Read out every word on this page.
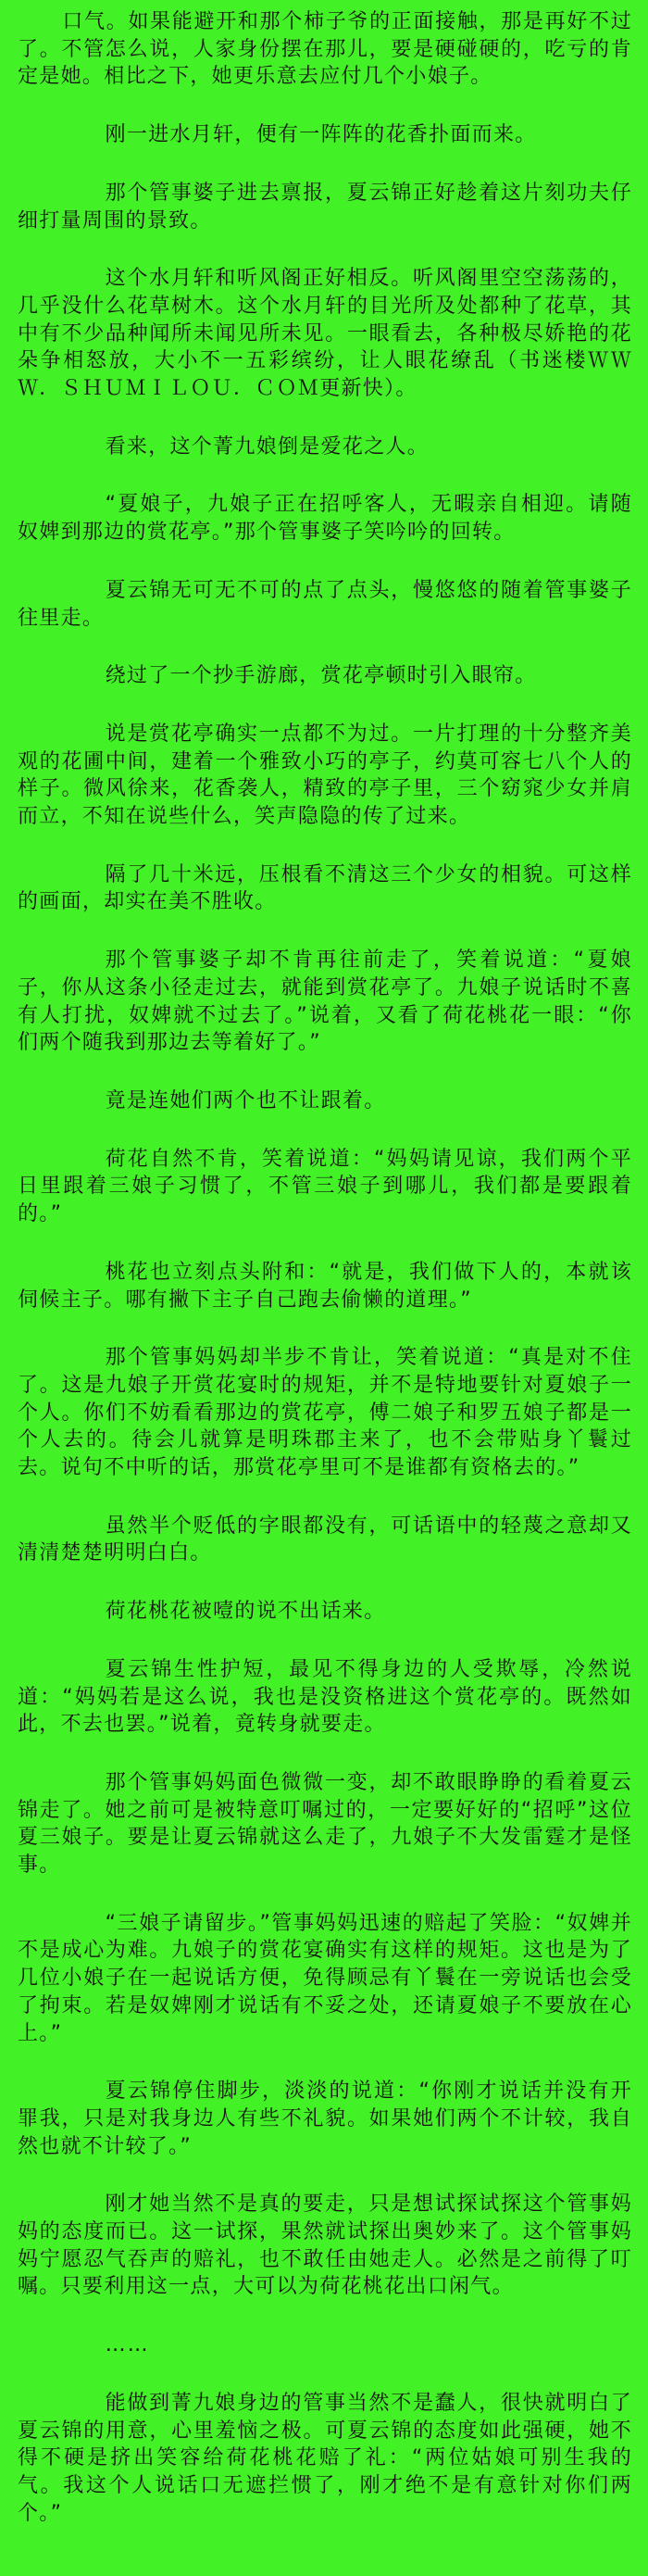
口气。如果能避开和那个柿子爷的正面接触，那是再好不过了。不管怎么说，人家身份摆在那儿，要是硬碰硬的，吃亏的肯定是她。相比之下，她更乐意去应付几个小娘子。

刚一进水月轩，便有一阵阵的花香扑面而来。

那个管事婆子进去禀报，夏云锦正好趁着这片刻功夫仔细打量周围的景致。

这个水月轩和听风阁正好相反。听风阁里空空荡荡的，几乎没什么花草树木。这个水月轩的目光所及处都种了花草，其中有不少品种闻所未闻见所未见。一眼看去，各种极尽娇艳的花朵争相怒放，大小不一五彩缤纷，让人眼花缭乱（书迷楼ＷＷＷ．ＳＨＵＭＩＬＯＵ．ＣＯＭ更新快）。

看来，这个菁九娘倒是爱花之人。

“夏娘子，九娘子正在招呼客人，无暇亲自相迎。请随奴婢到那边的赏花亭。”那个管事婆子笑吟吟的回转。

夏云锦无可无不可的点了点头，慢悠悠的随着管事婆子往里走。

绕过了一个抄手游廊，赏花亭顿时引入眼帘。

说是赏花亭确实一点都不为过。一片打理的十分整齐美观的花圃中间，建着一个雅致小巧的亭子，约莫可容七八个人的样子。微风徐来，花香袭人，精致的亭子里，三个窈窕少女并肩而立，不知在说些什么，笑声隐隐的传了过来。

隔了几十米远，压根看不清这三个少女的相貌。可这样的画面，却实在美不胜收。

那个管事婆子却不肯再往前走了，笑着说道：“夏娘子，你从这条小径走过去，就能到赏花亭了。九娘子说话时不喜有人打扰，奴婢就不过去了。”说着，又看了荷花桃花一眼：“你们两个随我到那边去等着好了。”

竟是连她们两个也不让跟着。

荷花自然不肯，笑着说道：“妈妈请见谅，我们两个平日里跟着三娘子习惯了，不管三娘子到哪儿，我们都是要跟着的。”

桃花也立刻点头附和：“就是，我们做下人的，本就该伺候主子。哪有撇下主子自己跑去偷懒的道理。”

那个管事妈妈却半步不肯让，笑着说道：“真是对不住了。这是九娘子开赏花宴时的规矩，并不是特地要针对夏娘子一个人。你们不妨看看那边的赏花亭，傅二娘子和罗五娘子都是一个人去的。待会儿就算是明珠郡主来了，也不会带贴身丫鬟过去。说句不中听的话，那赏花亭里可不是谁都有资格去的。”

虽然半个贬低的字眼都没有，可话语中的轻蔑之意却又清清楚楚明明白白。

荷花桃花被噎的说不出话来。

夏云锦生性护短，最见不得身边的人受欺辱，冷然说道：“妈妈若是这么说，我也是没资格进这个赏花亭的。既然如此，不去也罢。”说着，竟转身就要走。

那个管事妈妈面色微微一变，却不敢眼睁睁的看着夏云锦走了。她之前可是被特意叮嘱过的，一定要好好的“招呼”这位夏三娘子。要是让夏云锦就这么走了，九娘子不大发雷霆才是怪事。

“三娘子请留步。”管事妈妈迅速的赔起了笑脸：“奴婢并不是成心为难。九娘子的赏花宴确实有这样的规矩。这也是为了几位小娘子在一起说话方便，免得顾忌有丫鬟在一旁说话也会受了拘束。若是奴婢刚才说话有不妥之处，还请夏娘子不要放在心上。”

夏云锦停住脚步，淡淡的说道：“你刚才说话并没有开罪我，只是对我身边人有些不礼貌。如果她们两个不计较，我自然也就不计较了。”

刚才她当然不是真的要走，只是想试探试探这个管事妈妈的态度而已。这一试探，果然就试探出奥妙来了。这个管事妈妈宁愿忍气吞声的赔礼，也不敢任由她走人。必然是之前得了叮嘱。只要利用这一点，大可以为荷花桃花出口闲气。

……

能做到菁九娘身边的管事当然不是蠢人，很快就明白了夏云锦的用意，心里羞恼之极。可夏云锦的态度如此强硬，她不得不硬是挤出笑容给荷花桃花赔了礼：“两位姑娘可别生我的气。我这个人说话口无遮拦惯了，刚才绝不是有意针对你们两个。”
